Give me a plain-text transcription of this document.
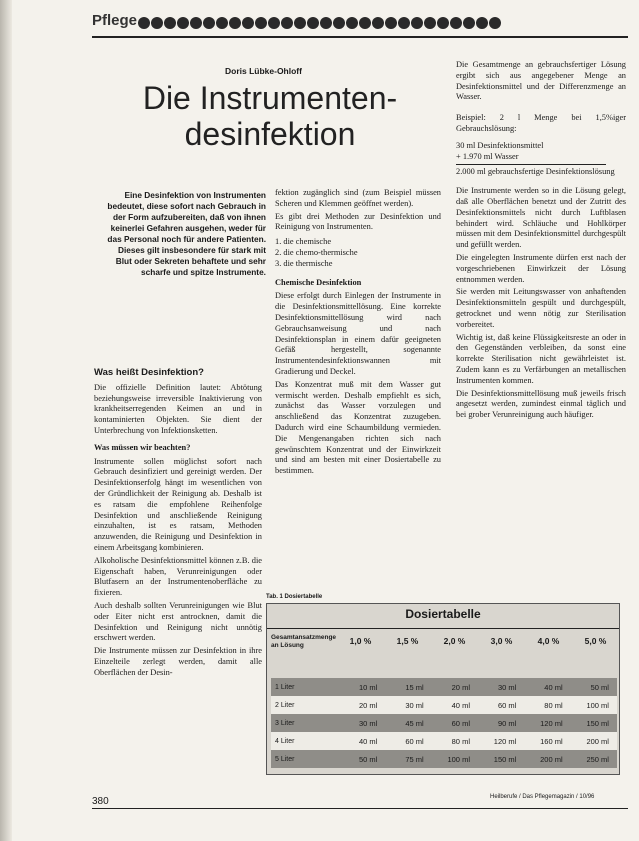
Pflege
Doris Lübke-Ohloff
Die Instrumenten-
desinfektion
Eine Desinfektion von Instrumenten bedeutet, diese sofort nach Gebrauch in der Form aufzubereiten, daß von ihnen keinerlei Gefahren ausgehen, weder für das Personal noch für andere Patienten. Dieses gilt insbesondere für stark mit Blut oder Sekreten behaftete und sehr scharfe und spitze Instrumente.
Was heißt Desinfektion?

Die offizielle Definition lautet: Abtötung beziehungsweise irreversible Inaktivierung von krankheitserregenden Keimen an und in kontaminierten Objekten. Sie dient der Unterbrechung von Infektionsketten.

Was müssen wir beachten?

Instrumente sollen möglichst sofort nach Gebrauch desinfiziert und gereinigt werden. Der Desinfektionserfolg hängt im wesentlichen von der Gründlichkeit der Reinigung ab. Deshalb ist es ratsam die empfohlene Reihenfolge Desinfektion und anschließende Reinigung einzuhalten, ist es ratsam, Methoden anzuwenden, die Reinigung und Desinfektion in einem Arbeitsgang kombinieren.

Alkoholische Desinfektionsmittel können z.B. die Eigenschaft haben, Verunreinigungen oder Blutfasern an der Instrumentenoberfläche zu fixieren.

Auch deshalb sollten Verunreinigungen wie Blut oder Eiter nicht erst antrocknen, damit die Desinfektion und Reinigung nicht unnötig erschwert werden.

Die Instrumente müssen zur Desinfektion in ihre Einzelteile zerlegt werden, damit alle Oberflächen der Desin-

fektion zugänglich sind (zum Beispiel müssen Scheren und Klemmen geöffnet werden).

Es gibt drei Methoden zur Desinfektion und Reinigung von Instrumenten.

1. die chemische
2. die chemo-thermische
3. die thermische
Chemische Desinfektion

Diese erfolgt durch Einlegen der Instrumente in die Desinfektionsmittellösung. Eine korrekte Desinfektionsmittellösung wird nach Gebrauchsanweisung und nach Desinfektionsplan in einem dafür geeigneten Gefäß hergestellt, sogenannte Instrumentendesinfektionswannen mit Gradierung und Deckel.

Das Konzentrat muß mit dem Wasser gut vermischt werden. Deshalb empfiehlt es sich, zunächst das Wasser vorzulegen und anschließend das Konzentrat zuzugeben. Dadurch wird eine Schaumbildung vermieden. Die Mengenangaben richten sich nach gewünschtem Konzentrat und der Einwirkzeit und sind am besten mit einer Dosiertabelle zu bestimmen.

Die Gesamtmenge an gebrauchsfertiger Lösung ergibt sich aus angegebener Menge an Desinfektionsmittel und der Differenzmenge an Wasser.

Beispiel: 2 l Menge bei 1,5%iger Gebrauchslösung:

30 ml Desinfektionsmittel

+ 1.970 ml Wasser

2.000 ml gebrauchsfertige Desinfektionslösung

Die Instrumente werden so in die Lösung gelegt, daß alle Oberflächen benetzt und der Zutritt des Desinfektionsmittels nicht durch Luftblasen behindert wird. Schläuche und Hohlkörper müssen mit dem Desinfektionsmittel durchgespült und gefüllt werden.

Die eingelegten Instrumente dürfen erst nach der vorgeschriebenen Einwirkzeit der Lösung entnommen werden.

Sie werden mit Leitungswasser von anhaftenden Desinfektionsmitteln gespült und durchgespült, getrocknet und wenn nötig zur Sterilisation vorbereitet.

Wichtig ist, daß keine Flüssigkeitsreste an oder in den Gegenständen verbleiben, da sonst eine korrekte Sterilisation nicht gewährleistet ist. Zudem kann es zu Verfärbungen an metallischen Instrumenten kommen.

Die Desinfektionsmittellösung muß jeweils frisch angesetzt werden, zumindest einmal täglich und bei grober Verunreinigung auch häufiger.

Tab. 1 Dosiertabelle
Dosiertabelle
Gesamtansatzmenge an Lösung	1,0 %	1,5 %	2,0 %	3,0 %	4,0 %	5,0 %
1 Liter	10 ml	15 ml	20 ml	30 ml	40 ml	50 ml
2 Liter	20 ml	30 ml	40 ml	60 ml	80 ml	100 ml
3 Liter	30 ml	45 ml	60 ml	90 ml	120 ml	150 ml
4 Liter	40 ml	60 ml	80 ml	120 ml	160 ml	200 ml
5 Liter	50 ml	75 ml	100 ml	150 ml	200 ml	250 ml
380	Heilberufe / Das Pflegemagazin / 10/96
